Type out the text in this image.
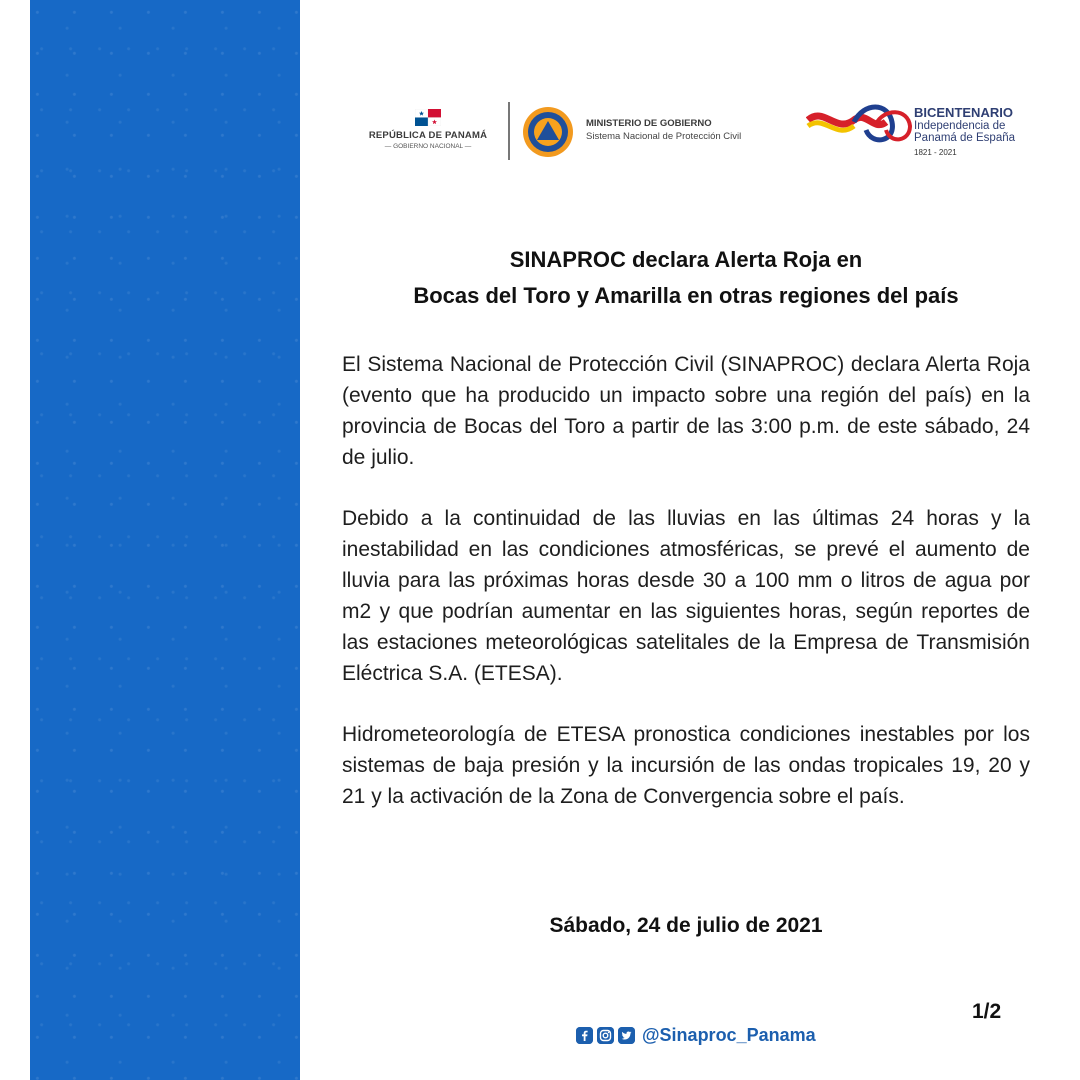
REPÚBLICA DE PANAMÁ
— GOBIERNO NACIONAL —
MINISTERIO DE GOBIERNO
Sistema Nacional de Protección Civil
BICENTENARIO
Independencia de
Panamá de España
1821 - 2021
SINAPROC declara Alerta Roja en
Bocas del Toro y Amarilla en otras regiones del país

El Sistema Nacional de Protección Civil (SINAPROC) declara Alerta Roja (evento que ha producido un impacto sobre una región del país) en la provincia de Bocas del Toro a partir de las 3:00 p.m. de este sábado, 24 de julio.

Debido a la continuidad de las lluvias en las últimas 24 horas y la inestabilidad en las condiciones atmosféricas, se prevé el aumento de lluvia para las próximas horas desde 30 a 100 mm o litros de agua por m2 y que podrían aumentar en las siguientes horas, según reportes de las estaciones meteorológicas satelitales de la Empresa de Transmisión Eléctrica S.A. (ETESA).

Hidrometeorología de ETESA pronostica condiciones inestables por los sistemas de baja presión y la incursión de las ondas tropicales 19, 20 y 21 y la activación de la Zona de Convergencia sobre el país.

Sábado, 24 de julio de 2021
1/2
@Sinaproc_Panama
